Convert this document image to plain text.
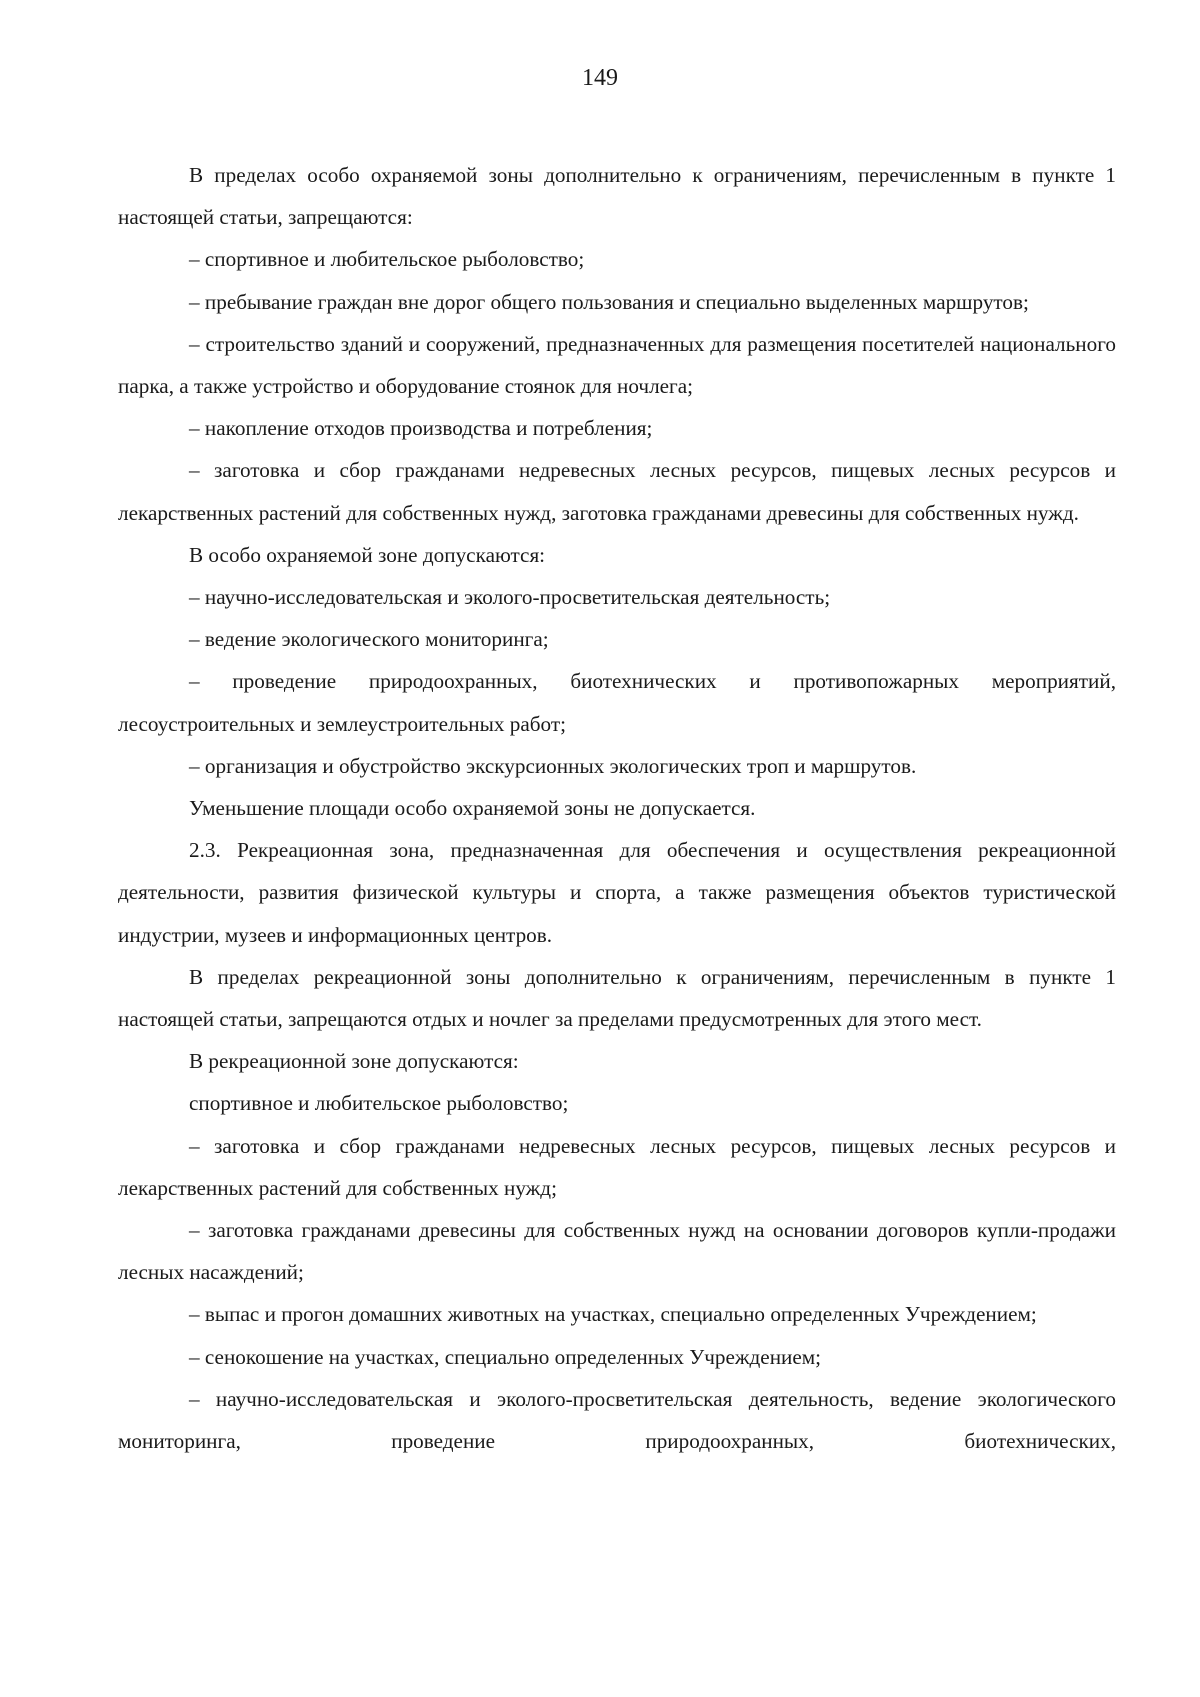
149

В пределах особо охраняемой зоны дополнительно к ограничениям, перечисленным в пункте 1 настоящей статьи, запрещаются:

– спортивное и любительское рыболовство;

– пребывание граждан вне дорог общего пользования и специально выделенных маршрутов;

– строительство зданий и сооружений, предназначенных для размещения посетителей национального парка, а также устройство и оборудование стоянок для ночлега;

– накопление отходов производства и потребления;

– заготовка и сбор гражданами недревесных лесных ресурсов, пищевых лесных ресурсов и лекарственных растений для собственных нужд, заготовка гражданами древесины для собственных нужд.

В особо охраняемой зоне допускаются:

– научно-исследовательская и эколого-просветительская деятельность;

– ведение экологического мониторинга;

– проведение природоохранных, биотехнических и противопожарных мероприятий, лесоустроительных и землеустроительных работ;

– организация и обустройство экскурсионных экологических троп и маршрутов.

Уменьшение площади особо охраняемой зоны не допускается.

2.3. Рекреационная зона, предназначенная для обеспечения и осуществления рекреационной деятельности, развития физической культуры и спорта, а также размещения объектов туристической индустрии, музеев и информационных центров.

В пределах рекреационной зоны дополнительно к ограничениям, перечисленным в пункте 1 настоящей статьи, запрещаются отдых и ночлег за пределами предусмотренных для этого мест.

В рекреационной зоне допускаются:

спортивное и любительское рыболовство;

– заготовка и сбор гражданами недревесных лесных ресурсов, пищевых лесных ресурсов и лекарственных растений для собственных нужд;

– заготовка гражданами древесины для собственных нужд на основании договоров купли-продажи лесных насаждений;

– выпас и прогон домашних животных на участках, специально определенных Учреждением;

– сенокошение на участках, специально определенных Учреждением;

– научно-исследовательская и эколого-просветительская деятельность, ведение экологического мониторинга, проведение природоохранных, биотехнических,
